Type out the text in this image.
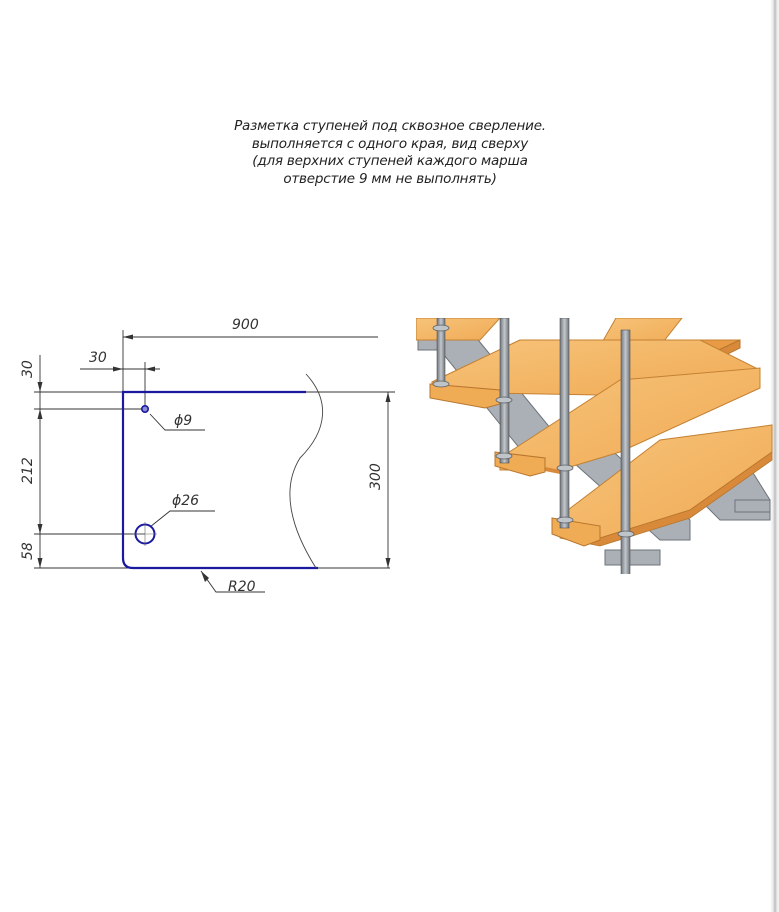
Разметка ступеней под сквозное сверление.
выполняется с одного края, вид сверху
(для верхних ступеней каждого марша
отверстие 9 мм не выполнять)
900
30
30
212
58
300
ϕ9
ϕ26
R20
